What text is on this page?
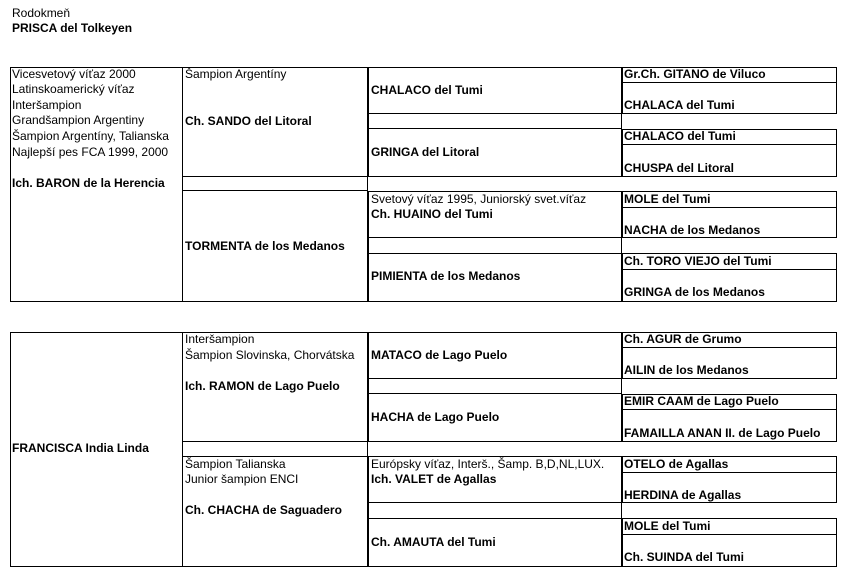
Rodokmeň
PRISCA del Tolkeyen
Vicesvetový víťaz 2000
Latinskoamerický víťaz
Interšampion
Grandšampion Argentiny
Šampion Argentíny, Talianska
Najlepší pes FCA 1999, 2000
Ich. BARON de la Herencia
Šampion Argentíny
Ch. SANDO del Litoral
TORMENTA de los Medanos
CHALACO del Tumi
GRINGA del Litoral
Svetový víťaz 1995, Juniorský svet.víťaz
Ch. HUAINO del Tumi
PIMIENTA de los Medanos
Gr.Ch. GITANO de Viluco
CHALACA del Tumi
CHALACO del Tumi
CHUSPA del Litoral
MOLE del Tumi
NACHA de los Medanos
Ch. TORO VIEJO del Tumi
GRINGA de los Medanos
FRANCISCA India Linda
Interšampion
Šampion Slovinska, Chorvátska
Ich. RAMON de Lago Puelo
Šampion Talianska
Junior šampion ENCI
Ch. CHACHA de Saguadero
MATACO de Lago Puelo
HACHA de Lago Puelo
Európsky víťaz, Interš., Šamp. B,D,NL,LUX.
Ich. VALET de Agallas
Ch. AMAUTA del Tumi
Ch. AGUR de Grumo
AILIN de los Medanos
EMIR CAAM de Lago Puelo
FAMAILLA ANAN II. de Lago Puelo
OTELO de Agallas
HERDINA de Agallas
MOLE del Tumi
Ch. SUINDA del Tumi
